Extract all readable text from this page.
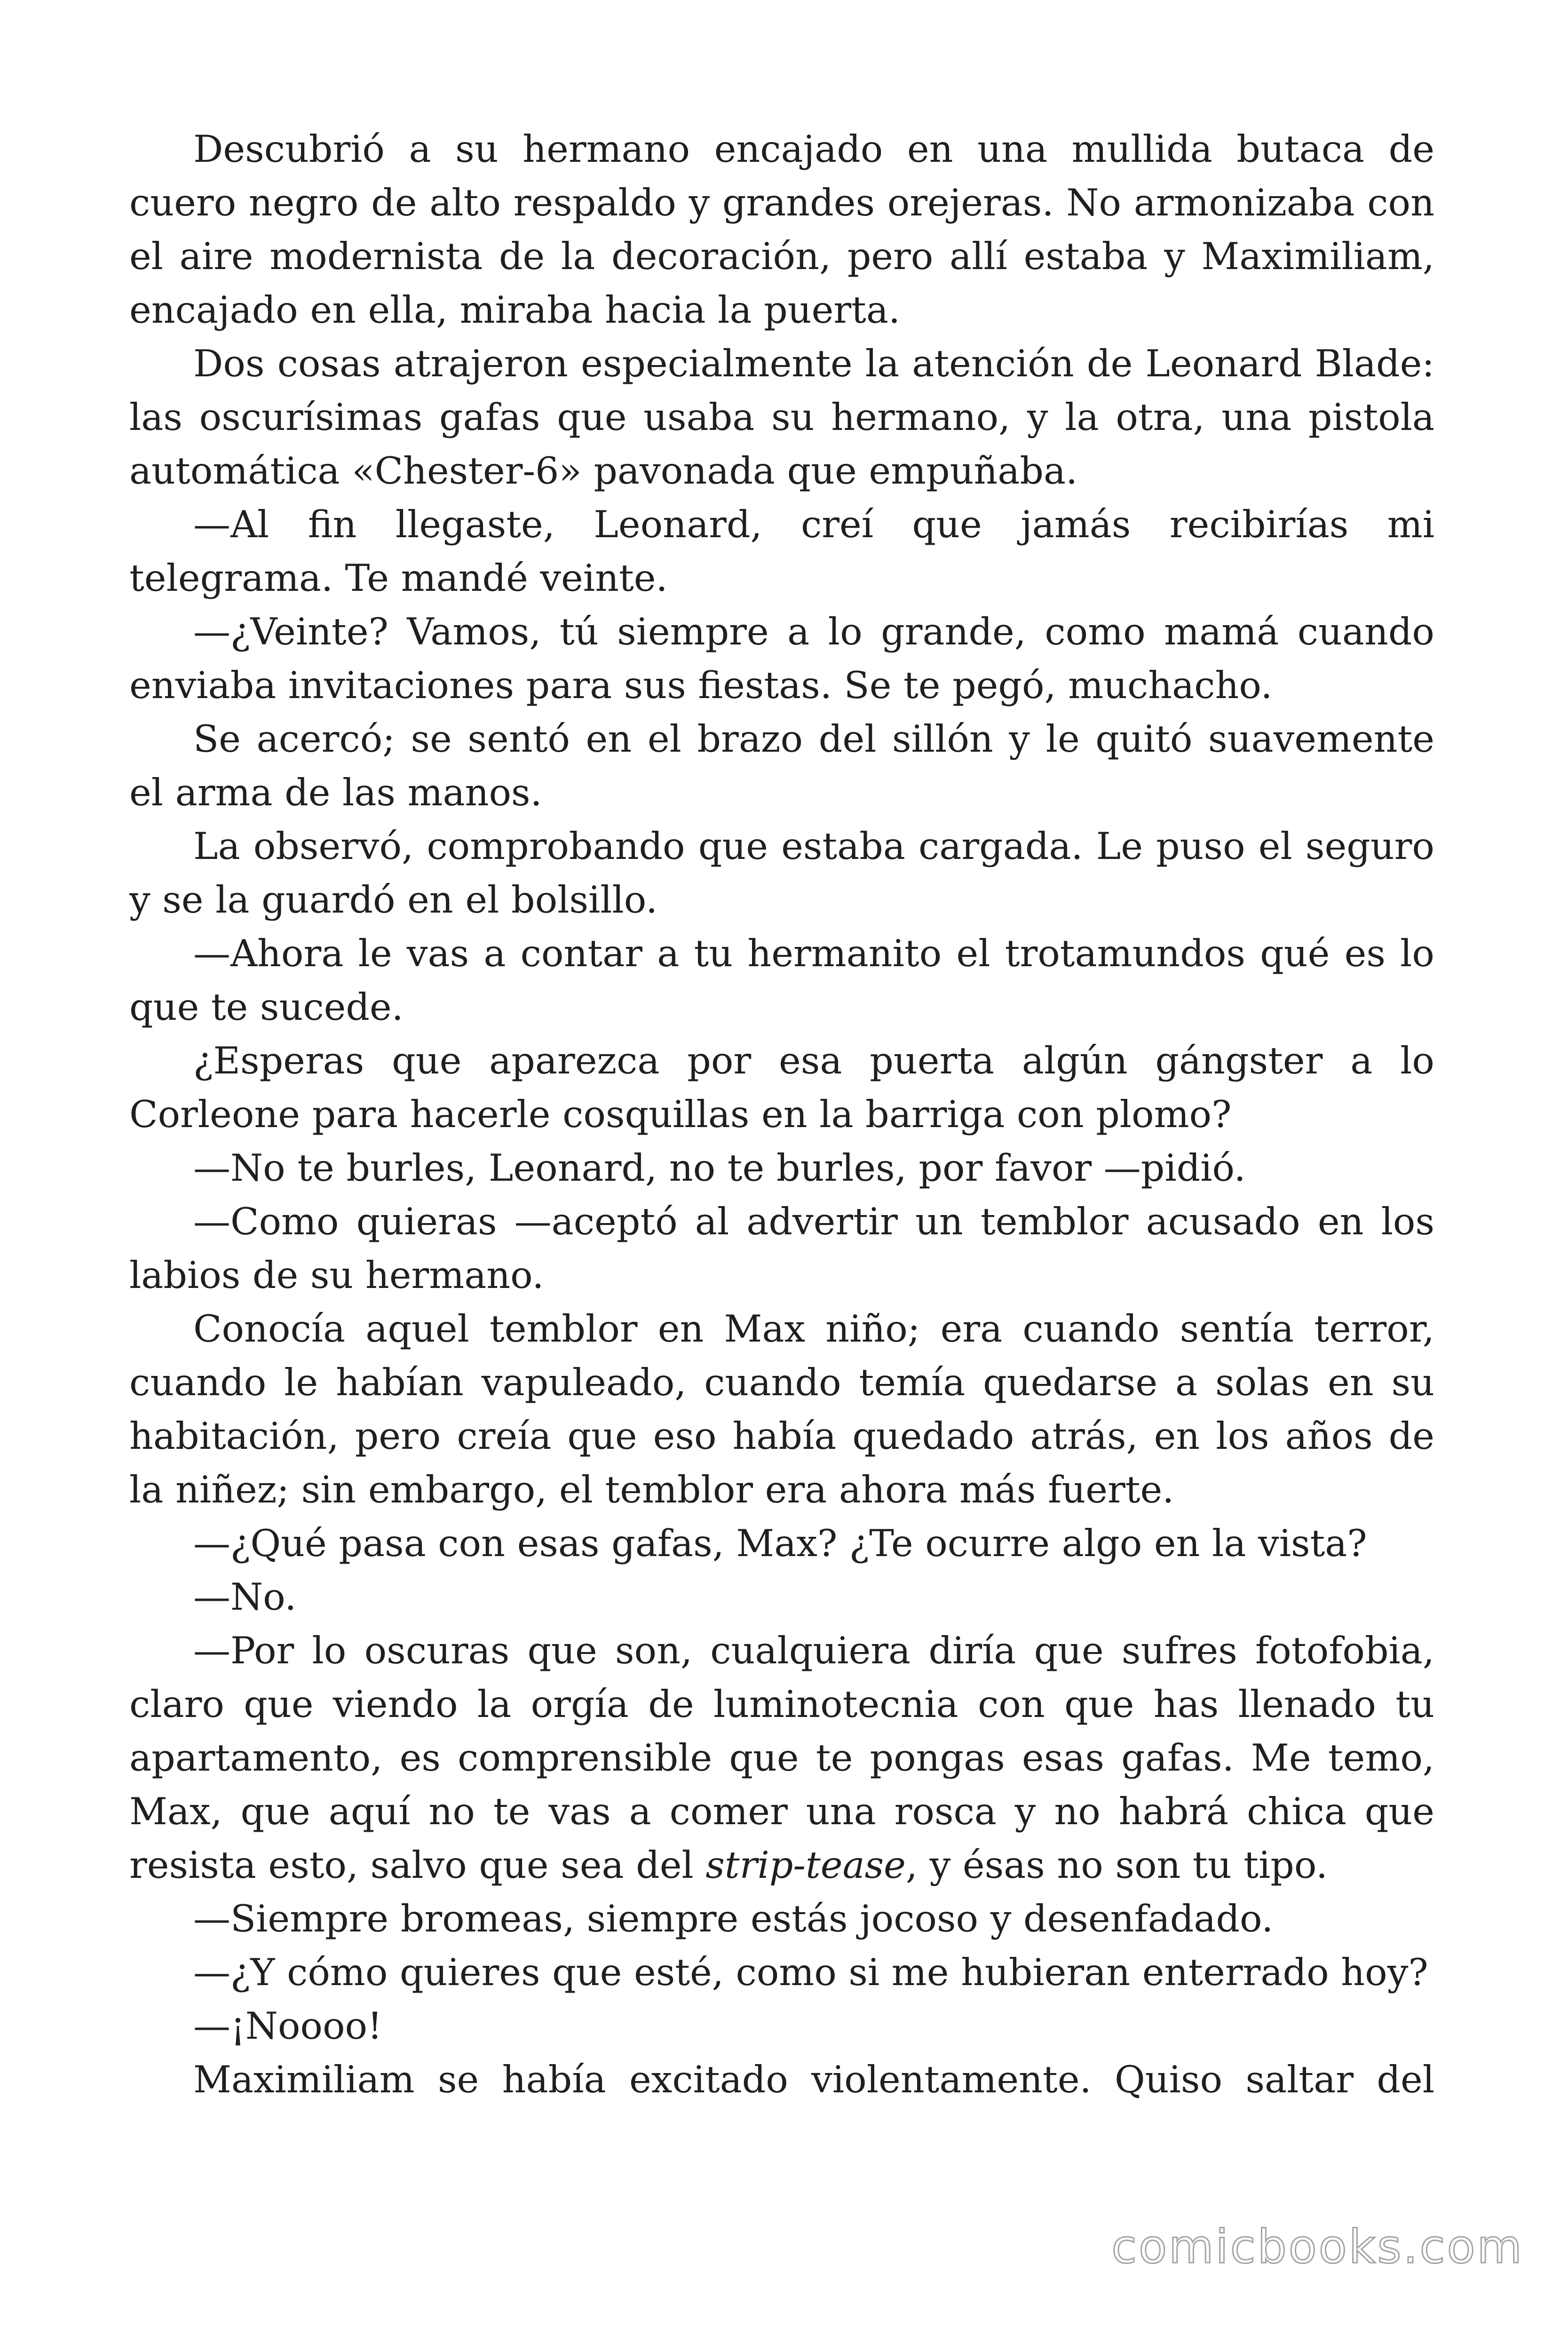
Descubrió a su hermano encajado en una mullida butaca de cuero negro de alto respaldo y grandes orejeras. No armonizaba con el aire modernista de la decoración, pero allí estaba y Maximiliam, encajado en ella, miraba hacia la puerta.

Dos cosas atrajeron especialmente la atención de Leonard Blade: las oscurísimas gafas que usaba su hermano, y la otra, una pistola automática «Chester-6» pavonada que empuñaba.

—Al fin llegaste, Leonard, creí que jamás recibirías mi telegrama. Te mandé veinte.

—¿Veinte? Vamos, tú siempre a lo grande, como mamá cuando enviaba invitaciones para sus fiestas. Se te pegó, muchacho.

Se acercó; se sentó en el brazo del sillón y le quitó suavemente el arma de las manos.

La observó, comprobando que estaba cargada. Le puso el seguro y se la guardó en el bolsillo.

—Ahora le vas a contar a tu hermanito el trotamundos qué es lo que te sucede.

¿Esperas que aparezca por esa puerta algún gángster a lo Corleone para hacerle cosquillas en la barriga con plomo?

—No te burles, Leonard, no te burles, por favor —pidió.

—Como quieras —aceptó al advertir un temblor acusado en los labios de su hermano.

Conocía aquel temblor en Max niño; era cuando sentía terror, cuando le habían vapuleado, cuando temía quedarse a solas en su habitación, pero creía que eso había quedado atrás, en los años de la niñez; sin embargo, el temblor era ahora más fuerte.

—¿Qué pasa con esas gafas, Max? ¿Te ocurre algo en la vista?

—No.

—Por lo oscuras que son, cualquiera diría que sufres fotofobia, claro que viendo la orgía de luminotecnia con que has llenado tu apartamento, es comprensible que te pongas esas gafas. Me temo, Max, que aquí no te vas a comer una rosca y no habrá chica que resista esto, salvo que sea del strip-tease, y ésas no son tu tipo.

—Siempre bromeas, siempre estás jocoso y desenfadado.

—¿Y cómo quieres que esté, como si me hubieran enterrado hoy?

—¡Noooo!

Maximiliam se había excitado violentamente. Quiso saltar del

comicbooks.com
